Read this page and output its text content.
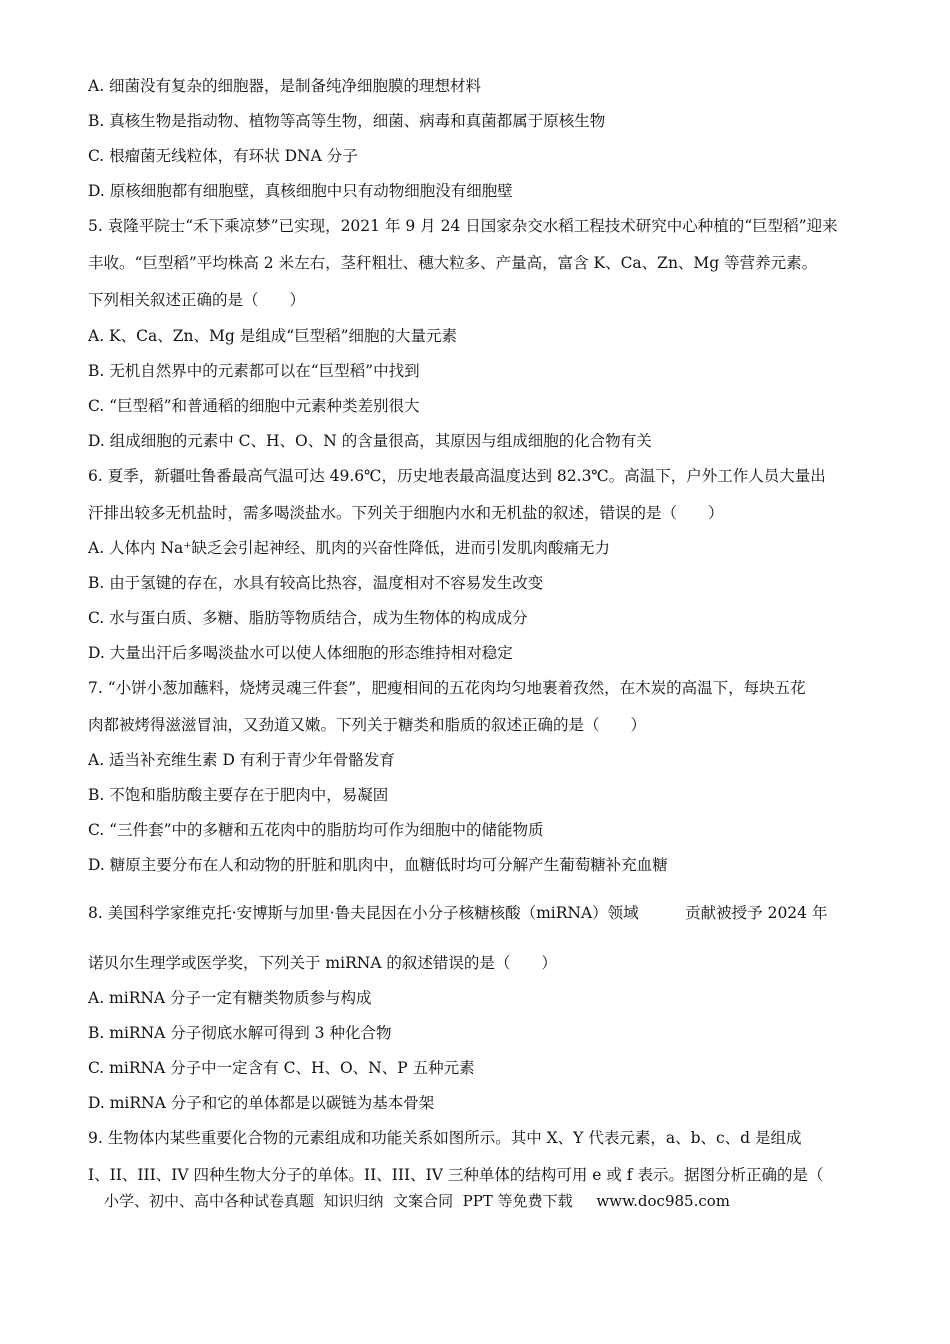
A. 细菌没有复杂的细胞器，是制备纯净细胞膜的理想材料
B. 真核生物是指动物、植物等高等生物，细菌、病毒和真菌都属于原核生物
C. 根瘤菌无线粒体，有环状 DNA 分子
D. 原核细胞都有细胞壁，真核细胞中只有动物细胞没有细胞壁
5. 袁隆平院士“禾下乘凉梦”已实现，2021 年 9 月 24 日国家杂交水稻工程技术研究中心种植的“巨型稻”迎来
丰收。“巨型稻”平均株高 2 米左右，茎秆粗壮、穗大粒多、产量高，富含 K、Ca、Zn、Mg 等营养元素。
下列相关叙述正确的是（　　）
A. K、Ca、Zn、Mg 是组成“巨型稻”细胞的大量元素
B. 无机自然界中的元素都可以在“巨型稻”中找到
C. “巨型稻”和普通稻的细胞中元素种类差别很大
D. 组成细胞的元素中 C、H、O、N 的含量很高，其原因与组成细胞的化合物有关
6. 夏季，新疆吐鲁番最高气温可达 49.6℃，历史地表最高温度达到 82.3℃。高温下，户外工作人员大量出
汗排出较多无机盐时，需多喝淡盐水。下列关于细胞内水和无机盐的叙述，错误的是（　　）
A. 人体内 Na⁺缺乏会引起神经、肌肉的兴奋性降低，进而引发肌肉酸痛无力
B. 由于氢键的存在，水具有较高比热容，温度相对不容易发生改变
C. 水与蛋白质、多糖、脂肪等物质结合，成为生物体的构成成分
D. 大量出汗后多喝淡盐水可以使人体细胞的形态维持相对稳定
7. “小饼小葱加蘸料，烧烤灵魂三件套”，肥瘦相间的五花肉均匀地裹着孜然，在木炭的高温下，每块五花
肉都被烤得滋滋冒油，又劲道又嫩。下列关于糖类和脂质的叙述正确的是（　　）
A. 适当补充维生素 D 有利于青少年骨骼发育
B. 不饱和脂肪酸主要存在于肥肉中，易凝固
C. “三件套”中的多糖和五花肉中的脂肪均可作为细胞中的储能物质
D. 糖原主要分布在人和动物的肝脏和肌肉中，血糖低时均可分解产生葡萄糖补充血糖
8. 美国科学家维克托·安博斯与加里·鲁夫昆因在小分子核糖核酸（miRNA）领域　　　贡献被授予 2024 年
诺贝尔生理学或医学奖，下列关于 miRNA 的叙述错误的是（　　）
A. miRNA 分子一定有糖类物质参与构成
B. miRNA 分子彻底水解可得到 3 种化合物
C. miRNA 分子中一定含有 C、H、O、N、P 五种元素
D. miRNA 分子和它的单体都是以碳链为基本骨架
9. 生物体内某些重要化合物的元素组成和功能关系如图所示。其中 X、Y 代表元素，a、b、c、d 是组成
I、II、III、IV 四种生物大分子的单体。II、III、IV 三种单体的结构可用 e 或 f 表示。据图分析正确的是（
小学、初中、高中各种试卷真题  知识归纳  文案合同  PPT 等免费下载     www.doc985.com
